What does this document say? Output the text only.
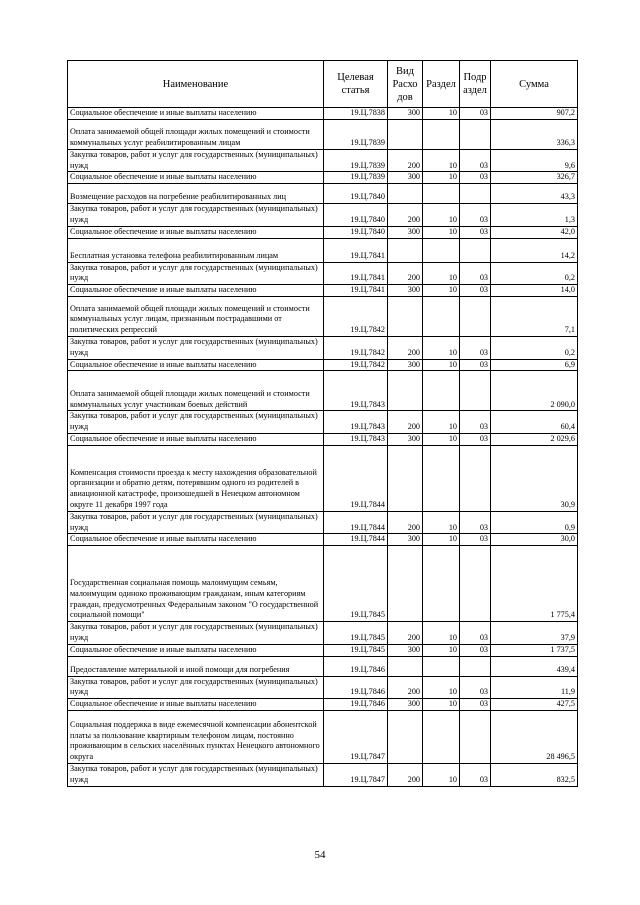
Наименование	Целевая статья	Вид Расхо дов	Раздел	Подр аздел	Сумма
Социальное обеспечение и иные выплаты населению	19.Ц.7838	300	10	03	907,2
Оплата занимаемой общей площади жилых помещений и стоимости коммунальных услуг реабилитированным лицам	19.Ц.7839				336,3
Закупка товаров, работ и услуг для государственных (муниципальных) нужд	19.Ц.7839	200	10	03	9,6
Социальное обеспечение и иные выплаты населению	19.Ц.7839	300	10	03	326,7
Возмещение расходов на погребение реабилитированных лиц	19.Ц.7840				43,3
Закупка товаров, работ и услуг для государственных (муниципальных) нужд	19.Ц.7840	200	10	03	1,3
Социальное обеспечение и иные выплаты населению	19.Ц.7840	300	10	03	42,0
Бесплатная установка телефона реабилитированным лицам	19.Ц.7841				14,2
Закупка товаров, работ и услуг для государственных (муниципальных) нужд	19.Ц.7841	200	10	03	0,2
Социальное обеспечение и иные выплаты населению	19.Ц.7841	300	10	03	14,0
Оплата занимаемой общей площади жилых помещений и стоимости коммунальных услуг лицам, признанным пострадавшими от политических репрессий	19.Ц.7842				7,1
Закупка товаров, работ и услуг для государственных (муниципальных) нужд	19.Ц.7842	200	10	03	0,2
Социальное обеспечение и иные выплаты населению	19.Ц.7842	300	10	03	6,9
Оплата занимаемой общей площади жилых помещений и стоимости коммунальных услуг участникам боевых действий	19.Ц.7843				2 090,0
Закупка товаров, работ и услуг для государственных (муниципальных) нужд	19.Ц.7843	200	10	03	60,4
Социальное обеспечение и иные выплаты населению	19.Ц.7843	300	10	03	2 029,6
Компенсация стоимости проезда к месту нахождения образовательной организации и обратно детям, потерявшим одного из родителей в авиационной катастрофе, произошедшей в Ненецком автономном округе 11 декабря 1997 года	19.Ц.7844				30,9
Закупка товаров, работ и услуг для государственных (муниципальных) нужд	19.Ц.7844	200	10	03	0,9
Социальное обеспечение и иные выплаты населению	19.Ц.7844	300	10	03	30,0
Государственная социальная помощь малоимущим семьям, малоимущим одиноко проживающим гражданам, иным категориям граждан, предусмотренных Федеральным законом "О государственной социальной помощи"	19.Ц.7845				1 775,4
Закупка товаров, работ и услуг для государственных (муниципальных) нужд	19.Ц.7845	200	10	03	37,9
Социальное обеспечение и иные выплаты населению	19.Ц.7845	300	10	03	1 737,5
Предоставление материальной и иной помощи для погребения	19.Ц.7846				439,4
Закупка товаров, работ и услуг для государственных (муниципальных) нужд	19.Ц.7846	200	10	03	11,9
Социальное обеспечение и иные выплаты населению	19.Ц.7846	300	10	03	427,5
Социальная поддержка в виде ежемесячной компенсации абонентской платы за пользование квартирным телефоном лицам, постоянно проживающим в сельских населённых пунктах Ненецкого автономного округа	19.Ц.7847				28 496,5
Закупка товаров, работ и услуг для государственных (муниципальных) нужд	19.Ц.7847	200	10	03	832,5
54
